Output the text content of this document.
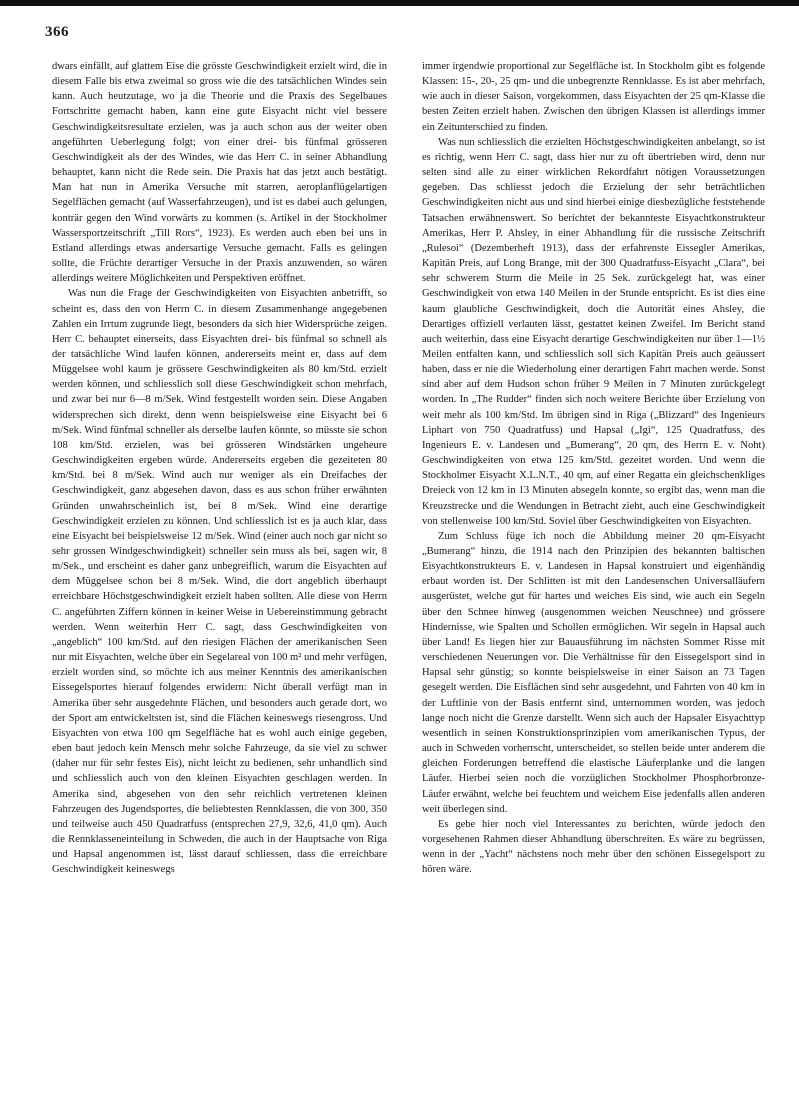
366

dwars einfällt, auf glattem Eise die grösste Geschwindigkeit erzielt wird, die in diesem Falle bis etwa zweimal so gross wie die des tatsächlichen Windes sein kann. Auch heutzutage, wo ja die Theorie und die Praxis des Segelbaues Fortschritte gemacht haben, kann eine gute Eisyacht nicht viel bessere Geschwindigkeitsresultate erzielen, was ja auch schon aus der weiter oben angeführten Ueberlegung folgt; von einer drei- bis fünfmal grösseren Geschwindigkeit als der des Windes, wie das Herr C. in seiner Abhandlung behauptet, kann nicht die Rede sein. Die Praxis hat das jetzt auch bestätigt. Man hat nun in Amerika Versuche mit starren, aeroplanflügelartigen Segelflächen gemacht (auf Wasserfahrzeugen), und ist es dabei auch gelungen, konträr gegen den Wind vorwärts zu kommen (s. Artikel in der Stockholmer Wassersportzeitschrift „Till Rors“, 1923). Es werden auch eben bei uns in Estland allerdings etwas andersartige Versuche gemacht. Falls es gelingen sollte, die Früchte derartiger Versuche in der Praxis anzuwenden, so wären allerdings weitere Möglichkeiten und Perspektiven eröffnet.

Was nun die Frage der Geschwindigkeiten von Eisyachten anbetrifft, so scheint es, dass den von Herrn C. in diesem Zusammenhange angegebenen Zahlen ein Irrtum zugrunde liegt, besonders da sich hier Widersprüche zeigen. Herr C. behauptet einerseits, dass Eisyachten drei- bis fünfmal so schnell als der tatsächliche Wind laufen können, andererseits meint er, dass auf dem Müggelsee wohl kaum je grössere Geschwindigkeiten als 80 km/Std. erzielt werden können, und schliesslich soll diese Geschwindigkeit schon mehrfach, und zwar bei nur 6—8 m/Sek. Wind festgestellt worden sein. Diese Angaben widersprechen sich direkt, denn wenn beispielsweise eine Eisyacht bei 6 m/Sek. Wind fünfmal schneller als derselbe laufen könnte, so müsste sie schon 108 km/Std. erzielen, was bei grösseren Windstärken ungeheure Geschwindigkeiten ergeben würde. Andererseits ergeben die gezeiteten 80 km/Std. bei 8 m/Sek. Wind auch nur weniger als ein Dreifaches der Geschwindigkeit, ganz abgesehen davon, dass es aus schon früher erwähnten Gründen unwahrscheinlich ist, bei 8 m/Sek. Wind eine derartige Geschwindigkeit erzielen zu können. Und schliesslich ist es ja auch klar, dass eine Eisyacht bei beispielsweise 12 m/Sek. Wind (einer auch noch gar nicht so sehr grossen Windgeschwindigkeit) schneller sein muss als bei, sagen wir, 8 m/Sek., und erscheint es daher ganz unbegreiflich, warum die Eisyachten auf dem Müggelsee schon bei 8 m/Sek. Wind, die dort angeblich überhaupt erreichbare Höchstgeschwindigkeit erzielt haben sollten. Alle diese von Herrn C. angeführten Ziffern können in keiner Weise in Uebereinstimmung gebracht werden. Wenn weiterhin Herr C. sagt, dass Geschwindigkeiten von „angeblich“ 100 km/Std. auf den riesigen Flächen der amerikanischen Seen nur mit Eisyachten, welche über ein Segelareal von 100 m² und mehr verfügen, erzielt worden sind, so möchte ich aus meiner Kenntnis des amerikanischen Eissegelsportes hierauf folgendes erwidern: Nicht überall verfügt man in Amerika über sehr ausgedehnte Flächen, und besonders auch gerade dort, wo der Sport am entwickeltsten ist, sind die Flächen keineswegs riesengross. Und Eisyachten von etwa 100 qm Segelfläche hat es wohl auch einige gegeben, eben baut jedoch kein Mensch mehr solche Fahrzeuge, da sie viel zu schwer (daher nur für sehr festes Eis), nicht leicht zu bedienen, sehr unhandlich sind und schliesslich auch von den kleinen Eisyachten geschlagen werden. In Amerika sind, abgesehen von den sehr reichlich vertretenen kleinen Fahrzeugen des Jugendsportes, die beliebtesten Rennklassen, die von 300, 350 und teilweise auch 450 Quadratfuss (entsprechen 27,9, 32,6, 41,0 qm). Auch die Rennklasseneinteilung in Schweden, die auch in der Hauptsache von Riga und Hapsal angenommen ist, lässt darauf schliessen, dass die erreichbare Geschwindigkeit keineswegs

immer irgendwie proportional zur Segelfläche ist. In Stockholm gibt es folgende Klassen: 15-, 20-, 25 qm- und die unbegrenzte Rennklasse. Es ist aber mehrfach, wie auch in dieser Saison, vorgekommen, dass Eisyachten der 25 qm-Klasse die besten Zeiten erzielt haben. Zwischen den übrigen Klassen ist allerdings immer ein Zeitunterschied zu finden.

Was nun schliesslich die erzielten Höchstgeschwindigkeiten anbelangt, so ist es richtig, wenn Herr C. sagt, dass hier nur zu oft übertrieben wird, denn nur selten sind alle zu einer wirklichen Rekordfahrt nötigen Voraussetzungen gegeben. Das schliesst jedoch die Erzielung der sehr beträchtlichen Geschwindigkeiten nicht aus und sind hierbei einige diesbezügliche feststehende Tatsachen erwähnenswert. So berichtet der bekannteste Eisyachtkonstrukteur Amerikas, Herr P. Ahsley, in einer Abhandlung für die russische Zeitschrift „Rulesoi“ (Dezemberheft 1913), dass der erfahrenste Eissegler Amerikas, Kapitän Preis, auf Long Brange, mit der 300 Quadratfuss-Eisyacht „Clara“, bei sehr schwerem Sturm die Meile in 25 Sek. zurückgelegt hat, was einer Geschwindigkeit von etwa 140 Meilen in der Stunde entspricht. Es ist dies eine kaum glaubliche Geschwindigkeit, doch die Autorität eines Ahsley, die Derartiges offiziell verlauten lässt, gestattet keinen Zweifel. Im Bericht stand auch weiterhin, dass eine Eisyacht derartige Geschwindigkeiten nur über 1—1½ Meilen entfalten kann, und schliesslich soll sich Kapitän Preis auch geäussert haben, dass er nie die Wiederholung einer derartigen Fahrt machen werde. Sonst sind aber auf dem Hudson schon früher 9 Meilen in 7 Minuten zurückgelegt worden. In „The Rudder“ finden sich noch weitere Berichte über Erzielung von weit mehr als 100 km/Std. Im übrigen sind in Riga („Blizzard“ des Ingenieurs Liphart von 750 Quadratfuss) und Hapsal („Igi“, 125 Quadratfuss, des Ingenieurs E. v. Landesen und „Bumerang“, 20 qm, des Herrn E. v. Noht) Geschwindigkeiten von etwa 125 km/Std. gezeitet worden. Und wenn die Stockholmer Eisyacht X.L.N.T., 40 qm, auf einer Regatta ein gleichschenkliges Dreieck von 12 km in 13 Minuten absegeln konnte, so ergibt das, wenn man die Kreuzstrecke und die Wendungen in Betracht zieht, auch eine Geschwindigkeit von stellenweise 100 km/Std. Soviel über Geschwindigkeiten von Eisyachten.

Zum Schluss füge ich noch die Abbildung meiner 20 qm-Eisyacht „Bumerang“ hinzu, die 1914 nach den Prinzipien des bekannten baltischen Eisyachtkonstrukteurs E. v. Landesen in Hapsal konstruiert und eigenhändig erbaut worden ist. Der Schlitten ist mit den Landesenschen Universalläufern ausgerüstet, welche gut für hartes und weiches Eis sind, wie auch ein Segeln über den Schnee hinweg (ausgenommen weichen Neuschnee) und grössere Hindernisse, wie Spalten und Schollen ermöglichen. Wir segeln in Hapsal auch über Land! Es liegen hier zur Bauausführung im nächsten Sommer Risse mit verschiedenen Neuerungen vor. Die Verhältnisse für den Eissegelsport sind in Hapsal sehr günstig; so konnte beispielsweise in einer Saison an 73 Tagen gesegelt werden. Die Eisflächen sind sehr ausgedehnt, und Fahrten von 40 km in der Luftlinie von der Basis entfernt sind, unternommen worden, was jedoch lange noch nicht die Grenze darstellt. Wenn sich auch der Hapsaler Eisyachttyp wesentlich in seinen Konstruktionsprinzipien vom amerikanischen Typus, der auch in Schweden vorherrscht, unterscheidet, so stellen beide unter anderem die gleichen Forderungen betreffend die elastische Läuferplanke und die langen Läufer. Hierbei seien noch die vorzüglichen Stockholmer Phosphorbronze-Läufer erwähnt, welche bei feuchtem und weichem Eise jedenfalls allen anderen weit überlegen sind.

Es gebe hier noch viel Interessantes zu berichten, würde jedoch den vorgesehenen Rahmen dieser Abhandlung überschreiten. Es wäre zu begrüssen, wenn in der „Yacht“ nächstens noch mehr über den schönen Eissegelsport zu hören wäre.
